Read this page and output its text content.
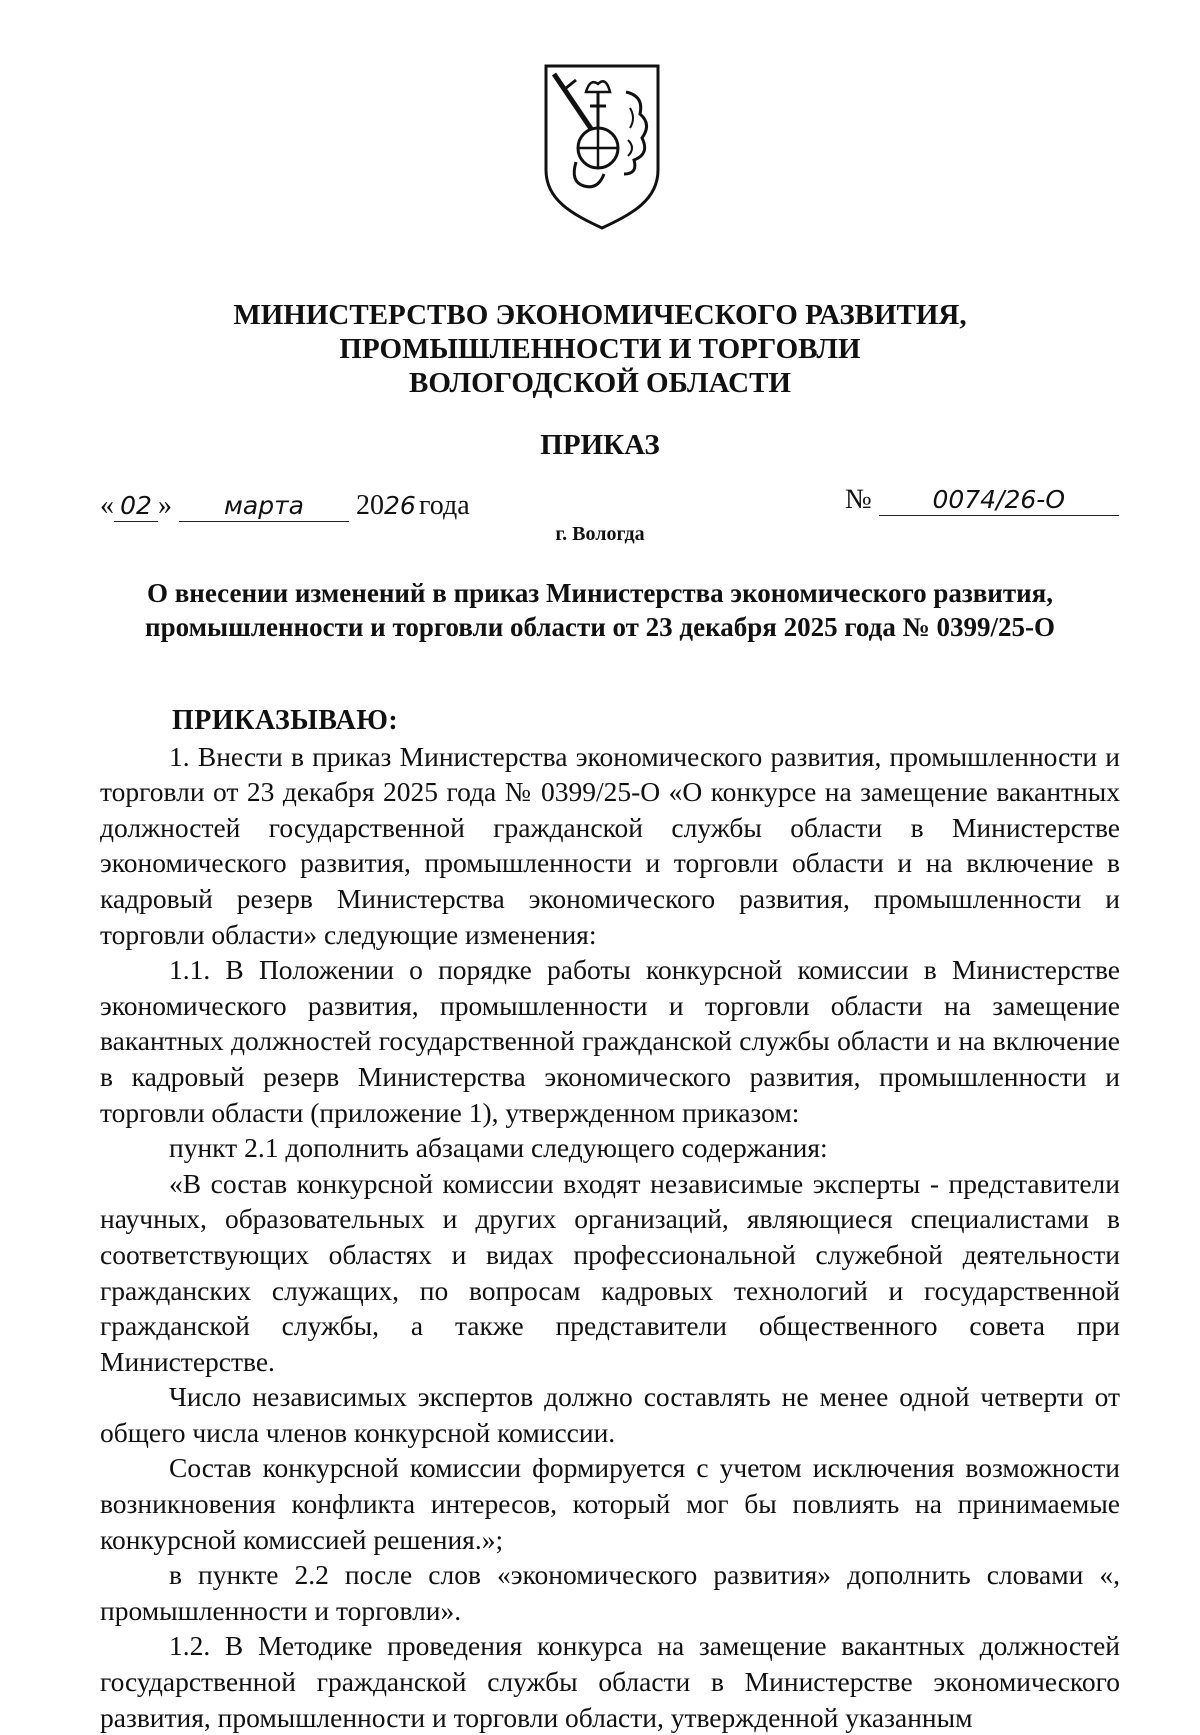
МИНИСТЕРСТВО ЭКОНОМИЧЕСКОГО РАЗВИТИЯ,
ПРОМЫШЛЕННОСТИ И ТОРГОВЛИ
ВОЛОГОДСКОЙ ОБЛАСТИ
ПРИКАЗ
« 02 » марта 2026 года	№ 0074/26-О
г. Вологда
О внесении изменений в приказ Министерства экономического развития,
промышленности и торговли области от 23 декабря 2025 года № 0399/25-О

ПРИКАЗЫВАЮ:

1. Внести в приказ Министерства экономического развития, промышленности и торговли от 23 декабря 2025 года № 0399/25-О «О конкурсе на замещение вакантных должностей государственной гражданской службы области в Министерстве экономического развития, промышленности и торговли области и на включение в кадровый резерв Министерства экономического развития, промышленности и торговли области» следующие изменения:

1.1. В Положении о порядке работы конкурсной комиссии в Министерстве экономического развития, промышленности и торговли области на замещение вакантных должностей государственной гражданской службы области и на включение в кадровый резерв Министерства экономического развития, промышленности и торговли области (приложение 1), утвержденном приказом:

пункт 2.1 дополнить абзацами следующего содержания:

«В состав конкурсной комиссии входят независимые эксперты - представители научных, образовательных и других организаций, являющиеся специалистами в соответствующих областях и видах профессиональной служебной деятельности гражданских служащих, по вопросам кадровых технологий и государственной гражданской службы, а также представители общественного совета при Министерстве.

Число независимых экспертов должно составлять не менее одной четверти от общего числа членов конкурсной комиссии.

Состав конкурсной комиссии формируется с учетом исключения возможности возникновения конфликта интересов, который мог бы повлиять на принимаемые конкурсной комиссией решения.»;

в пункте 2.2 после слов «экономического развития» дополнить словами «, промышленности и торговли».

1.2. В Методике проведения конкурса на замещение вакантных должностей государственной гражданской службы области в Министерстве экономического развития, промышленности и торговли области, утвержденной указанным
